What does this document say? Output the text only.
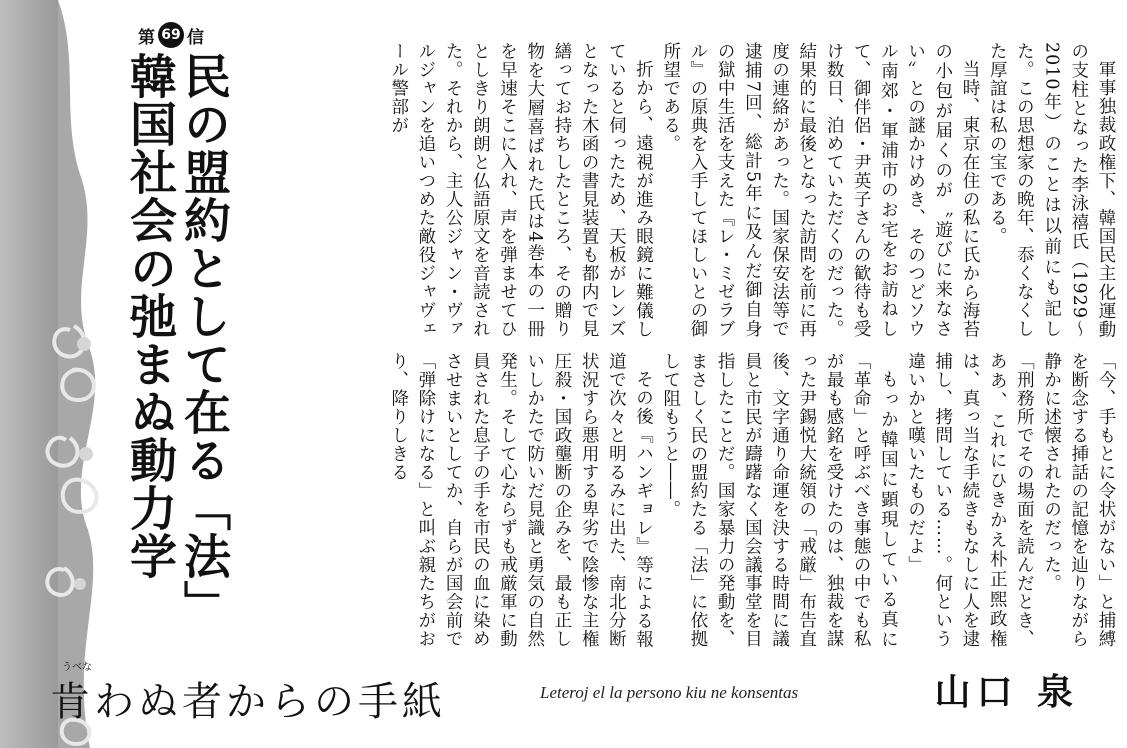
第 69 信
民の盟約として在る「法」
韓国社会の弛まぬ動力学	軍事独裁政権下、韓国民主化運動の支柱となった李泳禧氏（1929〜2010年）のことは以前にも記した。この思想家の晩年、忝くなくした厚誼は私の宝である。

当時、東京在住の私に氏から海苔の小包が届くのが〝遊びに来なさい〟との謎かけめき、そのつどソウル南郊・軍浦市のお宅をお訪ねして、御伴侶・尹英子さんの歓待も受け数日、泊めていただくのだった。結果的に最後となった訪問を前に再度の連絡があった。国家保安法等で逮捕7回、総計5年に及んだ御自身の獄中生活を支えた『レ・ミゼラブル』の原典を入手してほしいとの御所望である。

折から、遠視が進み眼鏡に難儀していると伺ったため、天板がレンズとなった木函の書見装置も都内で見繕ってお持ちしたところ、その贈り物を大層喜ばれた氏は4巻本の一冊を早速そこに入れ、声を弾ませてひとしきり朗朗と仏語原文を音読された。それから、主人公ジャン・ヴァルジャンを追いつめた敵役ジャヴェール警部が

「今、手もとに令状がない」と捕縛を断念する挿話の記憶を辿りながら静かに述懐されたのだった。

「刑務所でその場面を読んだとき、ああ、これにひきかえ朴正煕政権は、真っ当な手続きもなしに人を逮捕し、拷問している……。何という違いかと嘆いたものだよ」

もっか韓国に顕現している真に「革命」と呼ぶべき事態の中でも私が最も感銘を受けたのは、独裁を謀った尹錫悦大統領の「戒厳」布告直後、文字通り命運を決する時間に議員と市民が躊躇なく国会議事堂を目指したことだ。国家暴力の発動を、まさしく民の盟約たる「法」に依拠して阻もうと――。

その後『ハンギョレ』等による報道で次々と明るみに出た、南北分断状況すら悪用する卑劣で陰惨な主権圧殺・国政壟断の企みを、最も正しいしかたで防いだ見識と勇気の自然発生。そして心ならずも戒厳軍に動員された息子の手を市民の血に染めさせまいとしてか、自らが国会前で「弾除けになる」と叫ぶ親たちがおり、降りしきる

うべな
肯わぬ者からの手紙	Leteroj el la persono kiu ne konsentas	山口 泉
